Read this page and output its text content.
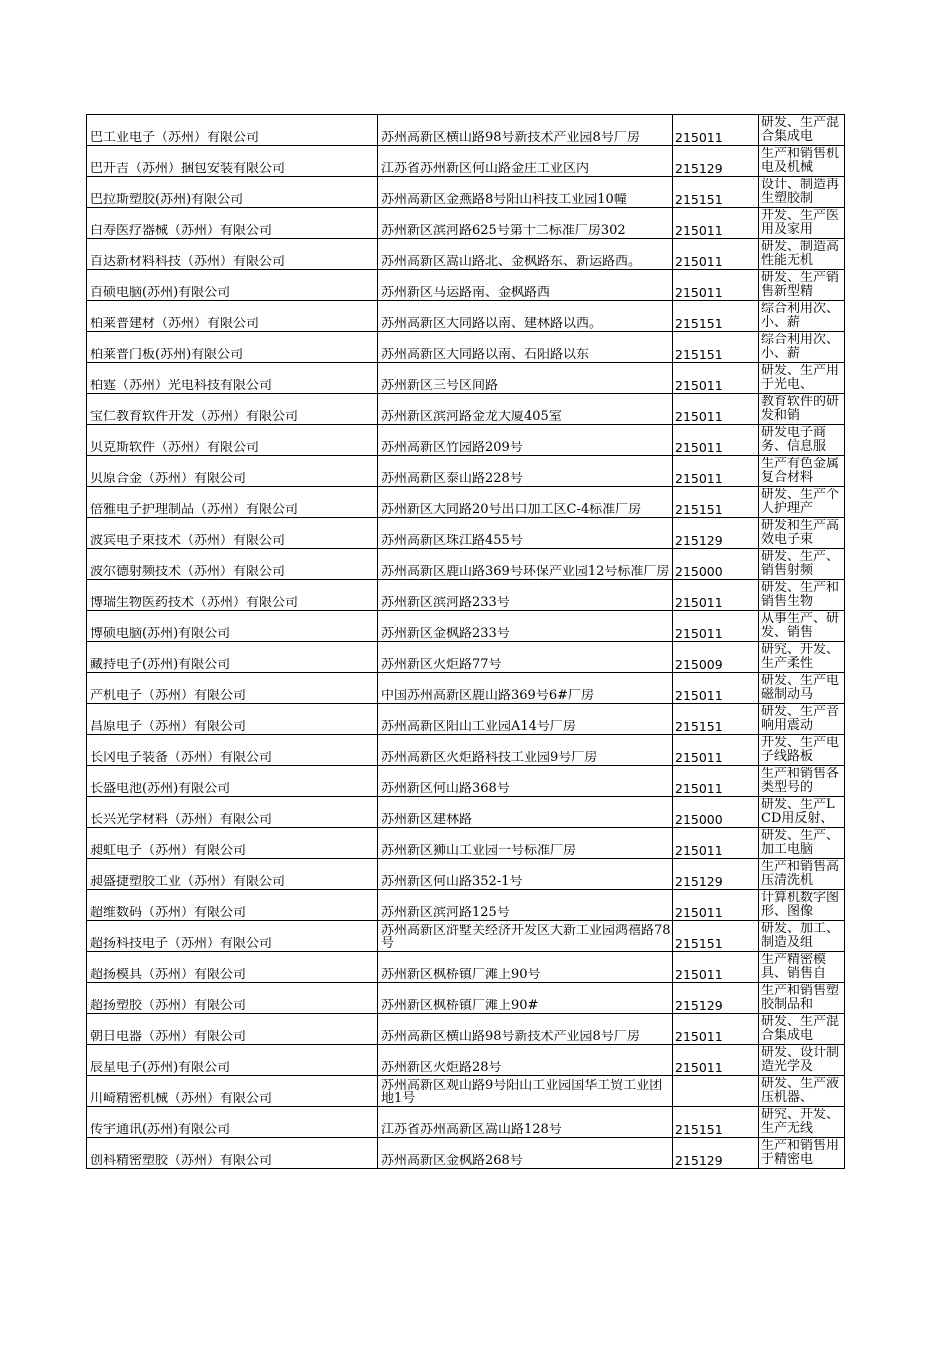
巴工业电子（苏州）有限公司	苏州高新区横山路98号新技术产业园8号厂房	215011	研发、生产混合集成电

巴开吉（苏州）捆包安装有限公司	江苏省苏州新区何山路金庄工业区内	215129	生产和销售机电及机械

巴拉斯塑胶(苏州)有限公司	苏州高新区金燕路8号阳山科技工业园10幢	215151	设计、制造再生塑胶制

白寿医疗器械（苏州）有限公司	苏州新区滨河路625号第十二标准厂房302	215011	开发、生产医用及家用

百达新材料科技（苏州）有限公司	苏州高新区嵩山路北、金枫路东、新运路西。	215011	研发、制造高性能无机

百硕电脑(苏州)有限公司	苏州新区马运路南、金枫路西	215011	研发、生产销售新型精

柏莱普建材（苏州）有限公司	苏州高新区大同路以南、建林路以西。	215151	综合利用次、小、薪

柏莱普门板(苏州)有限公司	苏州高新区大同路以南、石阳路以东	215151	综合利用次、小、薪

柏霆（苏州）光电科技有限公司	苏州新区三号区间路	215011	研发、生产用于光电、

宝仁教育软件开发（苏州）有限公司	苏州新区滨河路金龙大厦405室	215011	教育软件的研发和销

贝克斯软件（苏州）有限公司	苏州高新区竹园路209号	215011	研发电子商务、信息服

贝原合金（苏州）有限公司	苏州高新区泰山路228号	215011	生产有色金属复合材料

倍雅电子护理制品（苏州）有限公司	苏州新区大同路20号出口加工区C-4标准厂房	215151	研发、生产个人护理产

波宾电子束技术（苏州）有限公司	苏州高新区珠江路455号	215129	研发和生产高效电子束

波尔德射频技术（苏州）有限公司	苏州高新区鹿山路369号环保产业园12号标准厂房	215000	研发、生产、销售射频

博瑞生物医药技术（苏州）有限公司	苏州新区滨河路233号	215011	研发、生产和销售生物

博硕电脑(苏州)有限公司	苏州新区金枫路233号	215011	从事生产、研发、销售

藏持电子(苏州)有限公司	苏州新区火炬路77号	215009	研究、开发、生产柔性

产机电子（苏州）有限公司	中国苏州高新区鹿山路369号6#厂房	215011	研发、生产电磁制动马

昌原电子（苏州）有限公司	苏州高新区阳山工业园A14号厂房	215151	研发、生产音响用震动

长冈电子装备（苏州）有限公司	苏州高新区火炬路科技工业园9号厂房	215011	开发、生产电子线路板

长盛电池(苏州)有限公司	苏州新区何山路368号	215011	生产和销售各类型号的

长兴光学材料（苏州）有限公司	苏州新区建林路	215000	研发、生产LCD用反射、

昶虹电子（苏州）有限公司	苏州新区狮山工业园一号标准厂房	215011	研发、生产、加工电脑

昶盛捷塑胶工业（苏州）有限公司	苏州新区何山路352-1号	215129	生产和销售高压清洗机

超维数码（苏州）有限公司	苏州新区滨河路125号	215011	计算机数字图形、图像

超扬科技电子（苏州）有限公司	苏州高新区浒墅关经济开发区大新工业园鸿禧路78号	215151	研发、加工、制造及组

超扬模具（苏州）有限公司	苏州新区枫桥镇厂滩上90号	215011	生产精密模具、销售自

超扬塑胶（苏州）有限公司	苏州新区枫桥镇厂滩上90#	215129	生产和销售塑胶制品和

朝日电器（苏州）有限公司	苏州高新区横山路98号新技术产业园8号厂房	215011	研发、生产混合集成电

辰星电子(苏州)有限公司	苏州新区火炬路28号	215011	研发、设计制造光学及

川崎精密机械（苏州）有限公司	苏州高新区观山路9号阳山工业园国华工贸工业团地1号		研发、生产液压机器、

传宇通讯(苏州)有限公司	江苏省苏州高新区嵩山路128号	215151	研究、开发、生产无线

创科精密塑胶（苏州）有限公司	苏州高新区金枫路268号	215129	生产和销售用于精密电
